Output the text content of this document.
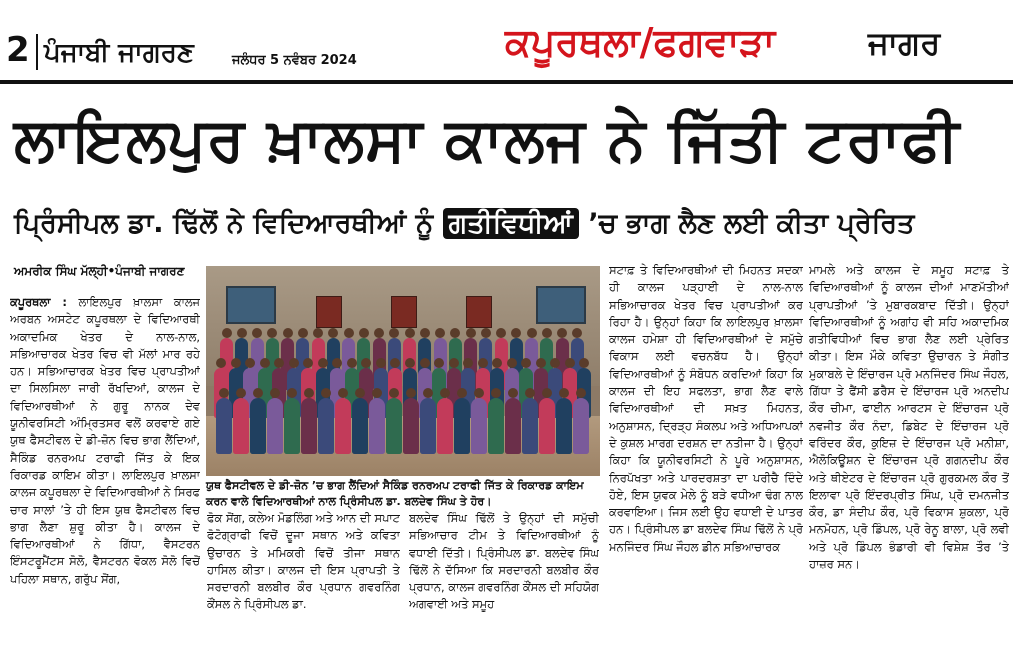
2 ਪੰਜਾਬੀ ਜਾਗਰਣ	ਜਲੰਧਰ 5 ਨਵੰਬਰ 2024	ਕਪੂਰਥਲਾ/ਫਗਵਾੜਾ	ਜਾਗਰ
ਲਾਇਲਪੁਰ ਖ਼ਾਲਸਾ ਕਾਲਜ ਨੇ ਜਿੱਤੀ ਟਰਾਫੀ
ਪ੍ਰਿੰਸੀਪਲ ਡਾ. ਢਿੱਲੋਂ ਨੇ ਵਿਦਿਆਰਥੀਆਂ ਨੂੰ ਗਤੀਵਿਧੀਆਂ ’ਚ ਭਾਗ ਲੈਣ ਲਈ ਕੀਤਾ ਪ੍ਰੇਰਿਤ
ਅਮਰੀਕ ਸਿੰਘ ਮੱਲ੍ਹੀ•ਪੰਜਾਬੀ ਜਾਗਰਣ
ਕਪੂਰਥਲਾ : ਲਾਇਲਪੁਰ ਖ਼ਾਲਸਾ ਕਾਲਜ ਅਰਬਨ ਅਸਟੇਟ ਕਪੂਰਥਲਾ ਦੇ ਵਿਦਿਆਰਥੀ ਅਕਾਦਮਿਕ ਖੇਤਰ ਦੇ ਨਾਲ-ਨਾਲ, ਸਭਿਆਚਾਰਕ ਖੇਤਰ ਵਿਚ ਵੀ ਮੱਲਾਂ ਮਾਰ ਰਹੇ ਹਨ। ਸਭਿਆਚਾਰਕ ਖੇਤਰ ਵਿਚ ਪ੍ਰਾਪਤੀਆਂ ਦਾ ਸਿਲਸਿਲਾ ਜਾਰੀ ਰੱਖਦਿਆਂ, ਕਾਲਜ ਦੇ ਵਿਦਿਆਰਥੀਆਂ ਨੇ ਗੁਰੂ ਨਾਨਕ ਦੇਵ ਯੂਨੀਵਰਸਿਟੀ ਅੰਮ੍ਰਿਤਸਰ ਵਲੋਂ ਕਰਵਾਏ ਗਏ ਯੁਥ ਫੈਸਟੀਵਲ ਦੇ ਡੀ-ਜ਼ੋਨ ਵਿਚ ਭਾਗ ਲੈਂਦਿਆਂ, ਸੈਕਿੰਡ ਰਨਰਅਪ ਟਰਾਫੀ ਜਿੱਤ ਕੇ ਇਕ ਰਿਕਾਰਡ ਕਾਇਮ ਕੀਤਾ। ਲਾਇਲਪੁਰ ਖ਼ਾਲਸਾ ਕਾਲਜ ਕਪੂਰਥਲਾ ਦੇ ਵਿਦਿਆਰਥੀਆਂ ਨੇ ਸਿਰਫ ਚਾਰ ਸਾਲਾਂ ’ਤੇ ਹੀ ਇਸ ਯੁਥ ਫੈਸਟੀਵਲ ਵਿਚ ਭਾਗ ਲੈਣਾ ਸ਼ੁਰੂ ਕੀਤਾ ਹੈ। ਕਾਲਜ ਦੇ ਵਿਦਿਆਰਥੀਆਂ ਨੇ ਗਿੱਧਾ, ਵੈਸਟਰਨ ਇੰਸਟਰੂਮੈਂਟਸ ਸੋਲੋ, ਵੈਸਟਰਨ ਵੋਕਲ ਸੋਲੋ ਵਿਚੋਂ ਪਹਿਲਾ ਸਥਾਨ, ਗਰੁੱਪ ਸੋਂਗ,
ਯੁਥ ਫੈਸਟੀਵਲ ਦੇ ਡੀ-ਜ਼ੋਨ ’ਚ ਭਾਗ ਲੈਂਦਿਆਂ ਸੈਕਿੰਡ ਰਨਰਅਪ ਟਰਾਫੀ ਜਿੱਤ ਕੇ ਰਿਕਾਰਡ ਕਾਇਮ ਕਰਨ ਵਾਲੇ ਵਿਦਿਆਰਥੀਆਂ ਨਾਲ ਪ੍ਰਿੰਸੀਪਲ ਡਾ. ਬਲਦੇਵ ਸਿੰਘ ਤੇ ਹੋਰ।
ਫੋਕ ਸੋਂਗ, ਕਲੇਅ ਮੋਡਲਿੰਗ ਅਤੇ ਆਨ ਦੀ ਸਪਾਟ ਫੋਟੋਗ੍ਰਾਫੀ ਵਿਚੋਂ ਦੂਜਾ ਸਥਾਨ ਅਤੇ ਕਵਿਤਾ ਉਚਾਰਨ ਤੇ ਮਮਿਕਰੀ ਵਿਚੋਂ ਤੀਜਾ ਸਥਾਨ ਹਾਸਿਲ ਕੀਤਾ। ਕਾਲਜ ਦੀ ਇਸ ਪ੍ਰਾਪਤੀ ਤੇ ਸਰਦਾਰਨੀ ਬਲਬੀਰ ਕੌਰ ਪ੍ਰਧਾਨ ਗਵਰਨਿੰਗ ਕੌਂਸਲ ਨੇ ਪ੍ਰਿੰਸੀਪਲ ਡਾ.
ਬਲਦੇਵ ਸਿੰਘ ਢਿੱਲੋਂ ਤੇ ਉਨ੍ਹਾਂ ਦੀ ਸਮੁੱਚੀ ਸਭਿਆਚਾਰ ਟੀਮ ਤੇ ਵਿਦਿਆਰਥੀਆਂ ਨੂੰ ਵਧਾਈ ਦਿੱਤੀ। ਪ੍ਰਿੰਸੀਪਲ ਡਾ. ਬਲਦੇਵ ਸਿੰਘ ਢਿੱਲੋਂ ਨੇ ਦੱਸਿਆ ਕਿ ਸਰਦਾਰਨੀ ਬਲਬੀਰ ਕੌਰ ਪ੍ਰਧਾਨ, ਕਾਲਜ ਗਵਰਨਿੰਗ ਕੌਂਸਲ ਦੀ ਸਹਿਯੋਗ ਅਗਵਾਈ ਅਤੇ ਸਮੂਹ
ਸਟਾਫ਼ ਤੇ ਵਿਦਿਆਰਥੀਆਂ ਦੀ ਮਿਹਨਤ ਸਦਕਾ ਹੀ ਕਾਲਜ ਪੜ੍ਹਾਈ ਦੇ ਨਾਲ-ਨਾਲ ਸਭਿਆਚਾਰਕ ਖੇਤਰ ਵਿਚ ਪ੍ਰਾਪਤੀਆਂ ਕਰ ਰਿਹਾ ਹੈ। ਉਨ੍ਹਾਂ ਕਿਹਾ ਕਿ ਲਾਇਲਪੁਰ ਖ਼ਾਲਸਾ ਕਾਲਜ ਹਮੇਸ਼ਾ ਹੀ ਵਿਦਿਆਰਥੀਆਂ ਦੇ ਸਮੁੱਚੇ ਵਿਕਾਸ ਲਈ ਵਚਨਬੱਧ ਹੈ। ਉਨ੍ਹਾਂ ਵਿਦਿਆਰਥੀਆਂ ਨੂੰ ਸੰਬੋਧਨ ਕਰਦਿਆਂ ਕਿਹਾ ਕਿ ਕਾਲਜ ਦੀ ਇਹ ਸਫਲਤਾ, ਭਾਗ ਲੈਣ ਵਾਲੇ ਵਿਦਿਆਰਥੀਆਂ ਦੀ ਸਖ਼ਤ ਮਿਹਨਤ, ਅਨੁਸ਼ਾਸਨ, ਦ੍ਰਿੜ੍ਹ ਸੰਕਲਪ ਅਤੇ ਅਧਿਆਪਕਾਂ ਦੇ ਕੁਸ਼ਲ ਮਾਰਗ ਦਰਸ਼ਨ ਦਾ ਨਤੀਜਾ ਹੈ। ਉਨ੍ਹਾਂ ਕਿਹਾ ਕਿ ਯੂਨੀਵਰਸਿਟੀ ਨੇ ਪੂਰੇ ਅਨੁਸ਼ਾਸਨ, ਨਿਰਪੱਖਤਾ ਅਤੇ ਪਾਰਦਰਸ਼ਤਾ ਦਾ ਪਰੀਚੈ ਦਿੰਦੇ ਹੋਏ, ਇਸ ਯੁਵਕ ਮੇਲੇ ਨੂੰ ਬੜੇ ਵਧੀਆ ਢੰਗ ਨਾਲ ਕਰਵਾਇਆ। ਜਿਸ ਲਈ ਉਹ ਵਧਾਈ ਦੇ ਪਾਤਰ ਹਨ। ਪ੍ਰਿੰਸੀਪਲ ਡਾ ਬਲਦੇਵ ਸਿੰਘ ਢਿੱਲੋਂ ਨੇ ਪ੍ਰੋ ਮਨਜਿੰਦਰ ਸਿੰਘ ਜੌਹਲ ਡੀਨ ਸਭਿਆਚਾਰਕ
ਮਾਮਲੇ ਅਤੇ ਕਾਲਜ ਦੇ ਸਮੂਹ ਸਟਾਫ਼ ਤੇ ਵਿਦਿਆਰਥੀਆਂ ਨੂੰ ਕਾਲਜ ਦੀਆਂ ਮਾਣਮੱਤੀਆਂ ਪ੍ਰਾਪਤੀਆਂ ’ਤੇ ਮੁਬਾਰਕਬਾਦ ਦਿੱਤੀ। ਉਨ੍ਹਾਂ ਵਿਦਿਆਰਥੀਆਂ ਨੂੰ ਅਗਾਂਹ ਵੀ ਸਹਿ ਅਕਾਦਮਿਕ ਗਤੀਵਿਧੀਆਂ ਵਿਚ ਭਾਗ ਲੈਣ ਲਈ ਪ੍ਰੇਰਿਤ ਕੀਤਾ। ਇਸ ਮੌਕੇ ਕਵਿਤਾ ਉਚਾਰਨ ਤੇ ਸੰਗੀਤ ਮੁਕਾਬਲੇ ਦੇ ਇੰਚਾਰਜ ਪ੍ਰੋ ਮਨਜਿੰਦਰ ਸਿੰਘ ਜੌਹਲ, ਗਿੱਧਾ ਤੇ ਫੈਂਸੀ ਡਰੈਸ ਦੇ ਇੰਚਾਰਜ ਪ੍ਰੋ ਅਨਦੀਪ ਕੌਰ ਚੀਮਾ, ਫਾਈਨ ਆਰਟਸ ਦੇ ਇੰਚਾਰਜ ਪ੍ਰੋ ਨਵਜੀਤ ਕੌਰ ਨੰਦਾ, ਡਿਬੇਟ ਦੇ ਇੰਚਾਰਜ ਪ੍ਰੋ ਵਰਿੰਦਰ ਕੌਰ, ਕੁਇਜ਼ ਦੇ ਇੰਚਾਰਜ ਪ੍ਰੋ ਮਨੀਸ਼ਾ, ਐਲੋਕਿਊਸ਼ਨ ਦੇ ਇੰਚਾਰਜ ਪ੍ਰੋ ਗਗਨਦੀਪ ਕੌਰ ਅਤੇ ਥੀਏਟਰ ਦੇ ਇੰਚਾਰਜ ਪ੍ਰੋ ਗੁਰਕਮਲ ਕੌਰ ਤੋਂ ਇਲਾਵਾ ਪ੍ਰੋ ਇੰਦਰਪ੍ਰੀਤ ਸਿੰਘ, ਪ੍ਰੋ ਦਮਨਜੀਤ ਕੌਰ, ਡਾ ਸੰਦੀਪ ਕੌਰ, ਪ੍ਰੋ ਵਿਕਾਸ ਸ਼ੁਕਲਾ, ਪ੍ਰੋ ਮਨਮੋਹਨ, ਪ੍ਰੋ ਡਿੰਪਲ, ਪ੍ਰੋ ਰੇਨੂ ਬਾਲਾ, ਪ੍ਰੋ ਲਵੀ ਅਤੇ ਪ੍ਰੋ ਡਿੰਪਲ ਭੰਡਾਰੀ ਵੀ ਵਿਸ਼ੇਸ਼ ਤੌਰ ’ਤੇ ਹਾਜ਼ਰ ਸਨ।
